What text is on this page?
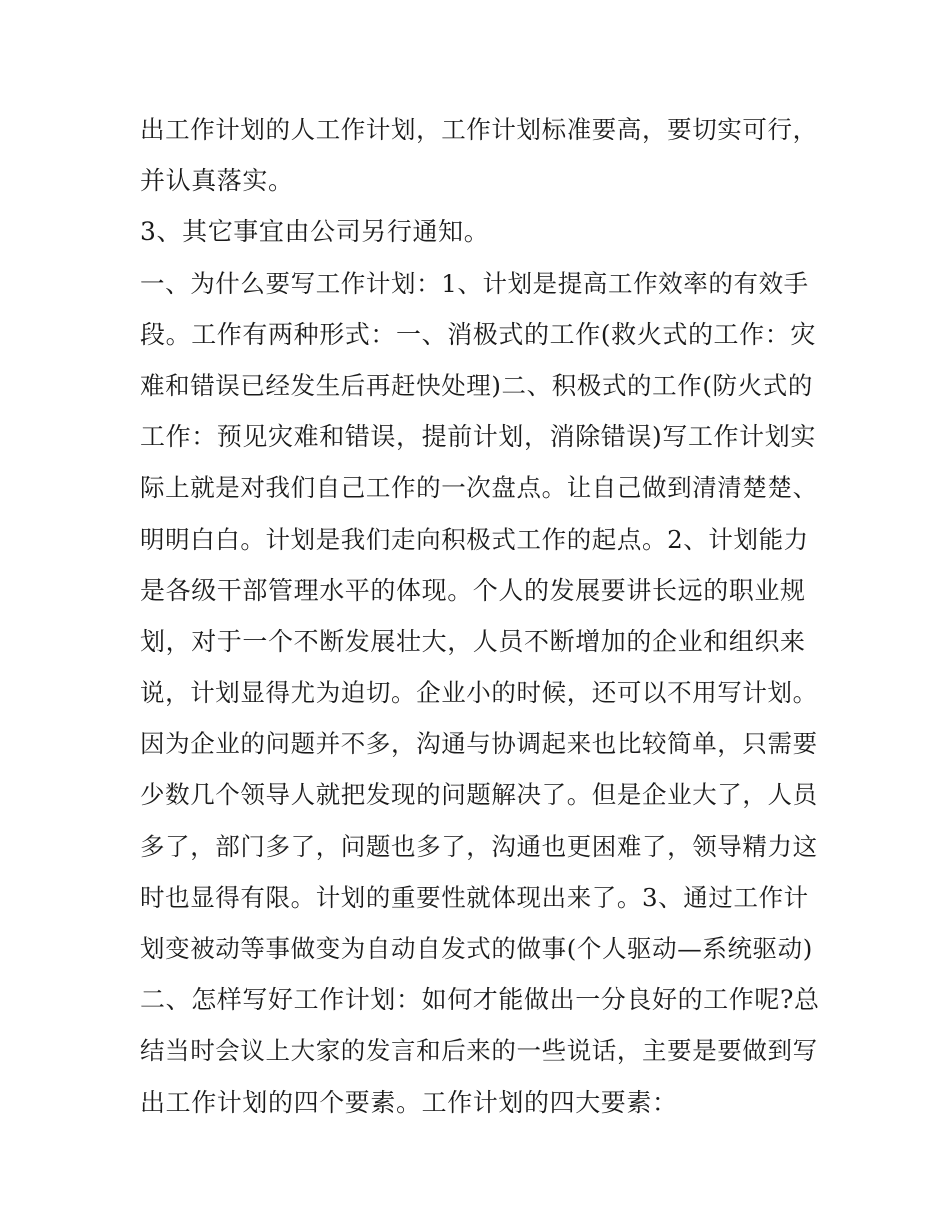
出工作计划的人工作计划，工作计划标准要高，要切实可行，
并认真落实。
3、其它事宜由公司另行通知。
一、为什么要写工作计划：1、计划是提高工作效率的有效手
段。工作有两种形式：一、消极式的工作(救火式的工作：灾
难和错误已经发生后再赶快处理)二、积极式的工作(防火式的
工作：预见灾难和错误，提前计划，消除错误)写工作计划实
际上就是对我们自己工作的一次盘点。让自己做到清清楚楚、
明明白白。计划是我们走向积极式工作的起点。2、计划能力
是各级干部管理水平的体现。个人的发展要讲长远的职业规
划，对于一个不断发展壮大，人员不断增加的企业和组织来
说，计划显得尤为迫切。企业小的时候，还可以不用写计划。
因为企业的问题并不多，沟通与协调起来也比较简单，只需要
少数几个领导人就把发现的问题解决了。但是企业大了，人员
多了，部门多了，问题也多了，沟通也更困难了，领导精力这
时也显得有限。计划的重要性就体现出来了。3、通过工作计
划变被动等事做变为自动自发式的做事(个人驱动—系统驱动)
二、怎样写好工作计划：如何才能做出一分良好的工作呢?总
结当时会议上大家的发言和后来的一些说话，主要是要做到写
出工作计划的四个要素。工作计划的四大要素：
